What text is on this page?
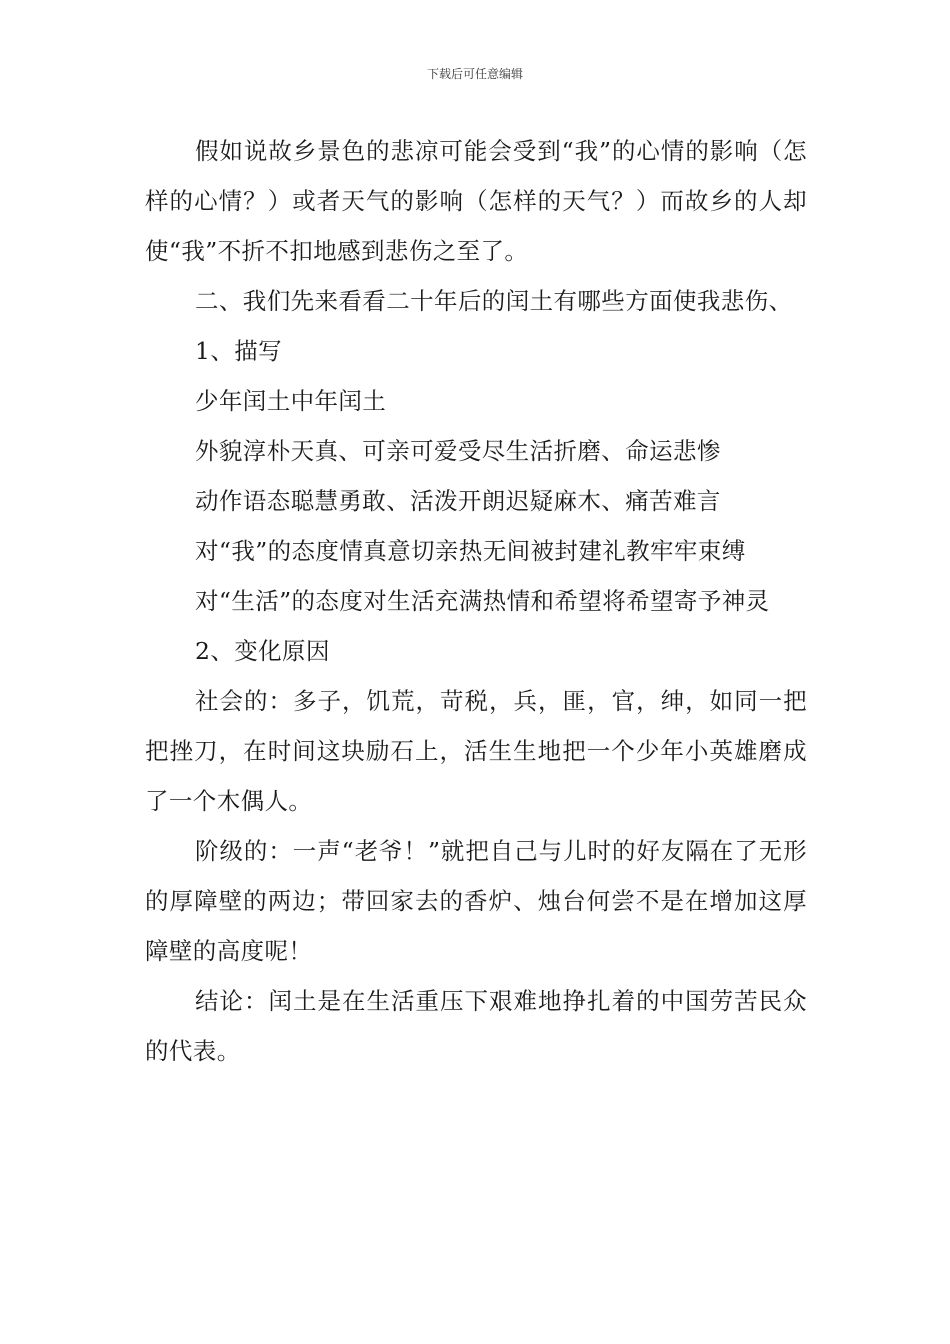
下载后可任意编辑

假如说故乡景色的悲凉可能会受到“我”的心情的影响（怎样的心情？）或者天气的影响（怎样的天气？）而故乡的人却使“我”不折不扣地感到悲伤之至了。

二、我们先来看看二十年后的闰土有哪些方面使我悲伤、

1、描写

少年闰土中年闰土

外貌淳朴天真、可亲可爱受尽生活折磨、命运悲惨

动作语态聪慧勇敢、活泼开朗迟疑麻木、痛苦难言

对“我”的态度情真意切亲热无间被封建礼教牢牢束缚

对“生活”的态度对生活充满热情和希望将希望寄予神灵

2、变化原因

社会的：多子，饥荒，苛税，兵，匪，官，绅，如同一把把挫刀，在时间这块励石上，活生生地把一个少年小英雄磨成了一个木偶人。

阶级的：一声“老爷！”就把自己与儿时的好友隔在了无形的厚障壁的两边；带回家去的香炉、烛台何尝不是在增加这厚障壁的高度呢！

结论：闰土是在生活重压下艰难地挣扎着的中国劳苦民众的代表。
